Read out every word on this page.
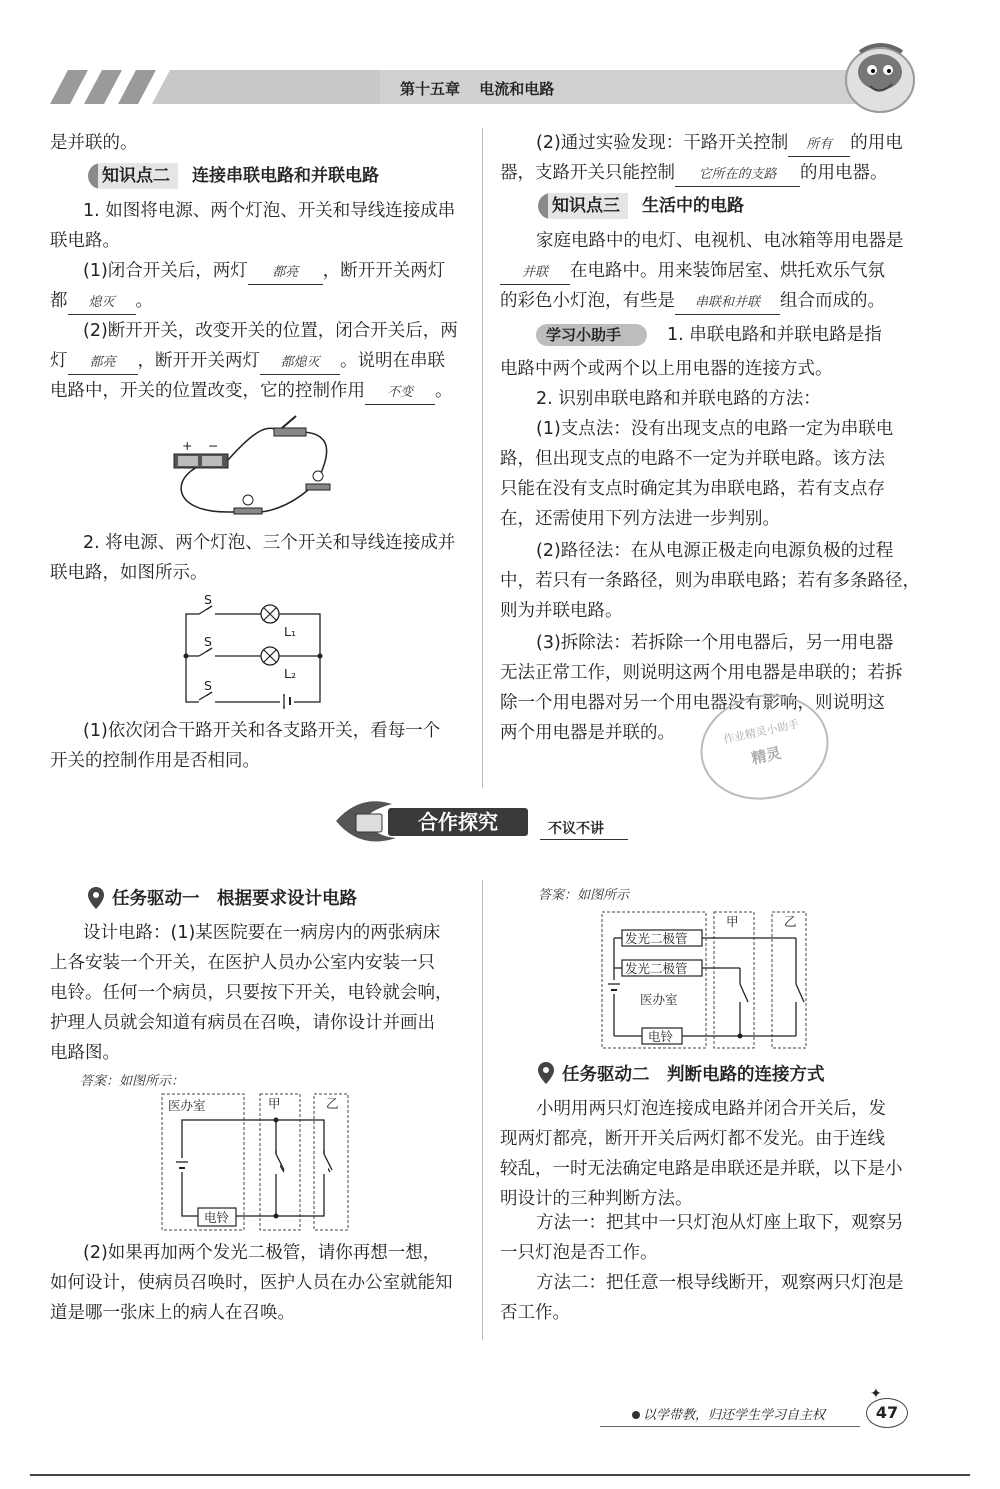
第十五章 电流和电路
是并联的。
知识点二 连接串联电路和并联电路
1. 如图将电源、两个灯泡、开关和导线连接成串
联电路。
(1)闭合开关后，两灯 都亮 ，断开开关两灯
都 熄灭 。
(2)断开开关，改变开关的位置，闭合开关后，两
灯 都亮 ，断开开关两灯 都熄灭 。说明在串联
电路中，开关的位置改变，它的控制作用 不变 。
+ −
2. 将电源、两个灯泡、三个开关和导线连接成并
联电路，如图所示。
S
S
S
L₁
L₂
(1)依次闭合干路开关和各支路开关，看每一个
开关的控制作用是否相同。
(2)通过实验发现：干路开关控制 所有 的用电
器，支路开关只能控制 它所在的支路 的用电器。
知识点三 生活中的电路
家庭电路中的电灯、电视机、电冰箱等用电器是
并联 在电路中。用来装饰居室、烘托欢乐气氛
的彩色小灯泡，有些是 串联和并联 组合而成的。
学习小助手	1. 串联电路和并联电路是指
电路中两个或两个以上用电器的连接方式。
2. 识别串联电路和并联电路的方法：
(1)支点法：没有出现支点的电路一定为串联电
路，但出现支点的电路不一定为并联电路。该方法
只能在没有支点时确定其为串联电路，若有支点存
在，还需使用下列方法进一步判别。
(2)路径法：在从电源正极走向电源负极的过程
中，若只有一条路径，则为串联电路；若有多条路径，
则为并联电路。
(3)拆除法：若拆除一个用电器后，另一用电器
无法正常工作，则说明这两个用电器是串联的；若拆
除一个用电器对另一个用电器没有影响，则说明这
两个用电器是并联的。	作业精灵小助手
精灵
合作探究	不议不讲
任务驱动一　根据要求设计电路
设计电路：(1)某医院要在一病房内的两张病床
上各安装一个开关，在医护人员办公室内安装一只
电铃。任何一个病员，只要按下开关，电铃就会响，
护理人员就会知道有病员在召唤，请你设计并画出
电路图。
答案：如图所示：
医办室	甲	乙
电铃
(2)如果再加两个发光二极管，请你再想一想，
如何设计，使病员召唤时，医护人员在办公室就能知
道是哪一张床上的病人在召唤。
答案：如图所示
发光二极管
发光二极管
医办室
甲	乙
电铃
任务驱动二　判断电路的连接方式
小明用两只灯泡连接成电路并闭合开关后，发
现两灯都亮，断开开关后两灯都不发光。由于连线
较乱，一时无法确定电路是串联还是并联，以下是小
明设计的三种判断方法。
方法一：把其中一只灯泡从灯座上取下，观察另
一只灯泡是否工作。
方法二：把任意一根导线断开，观察两只灯泡是
否工作。
以学带教，归还学生学习自主权	47
✦
